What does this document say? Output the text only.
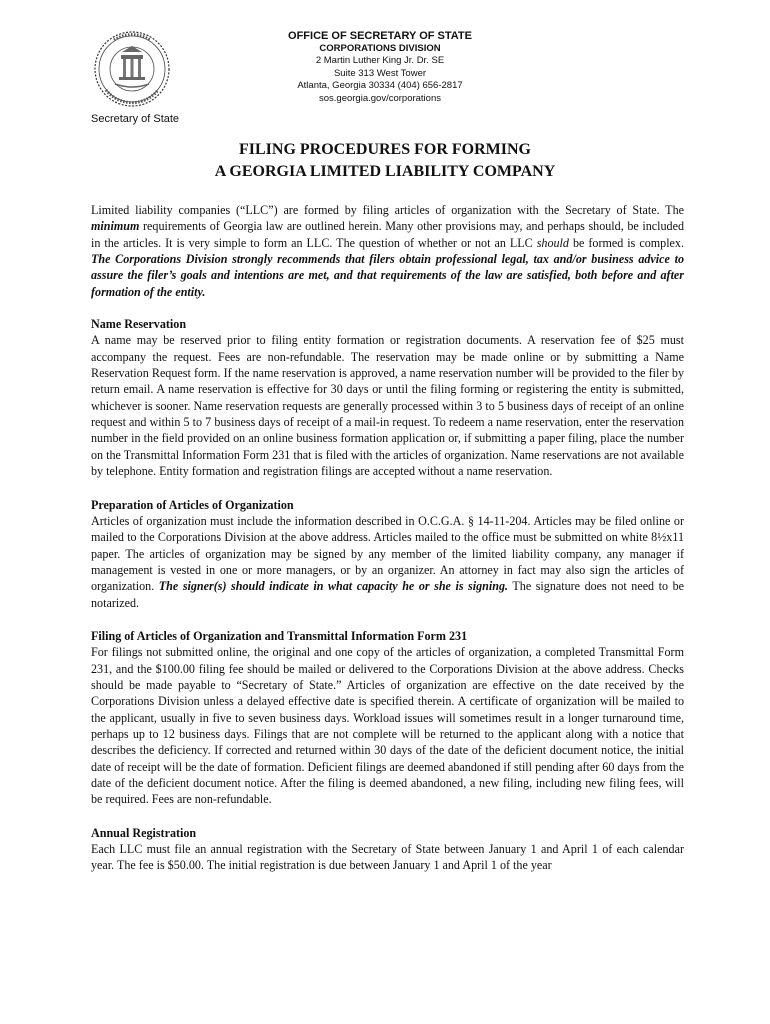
Secretary of State
OFFICE OF SECRETARY OF STATE
CORPORATIONS DIVISION
2 Martin Luther King Jr. Dr. SE
Suite 313 West Tower
Atlanta, Georgia 30334 (404) 656-2817
sos.georgia.gov/corporations
FILING PROCEDURES FOR FORMING
A GEORGIA LIMITED LIABILITY COMPANY

Limited liability companies (“LLC”) are formed by filing articles of organization with the Secretary of State. The minimum requirements of Georgia law are outlined herein. Many other provisions may, and perhaps should, be included in the articles. It is very simple to form an LLC. The question of whether or not an LLC should be formed is complex. The Corporations Division strongly recommends that filers obtain professional legal, tax and/or business advice to assure the filer’s goals and intentions are met, and that requirements of the law are satisfied, both before and after formation of the entity.

Name Reservation

A name may be reserved prior to filing entity formation or registration documents. A reservation fee of $25 must accompany the request. Fees are non-refundable. The reservation may be made online or by submitting a Name Reservation Request form. If the name reservation is approved, a name reservation number will be provided to the filer by return email. A name reservation is effective for 30 days or until the filing forming or registering the entity is submitted, whichever is sooner. Name reservation requests are generally processed within 3 to 5 business days of receipt of an online request and within 5 to 7 business days of receipt of a mail-in request. To redeem a name reservation, enter the reservation number in the field provided on an online business formation application or, if submitting a paper filing, place the number on the Transmittal Information Form 231 that is filed with the articles of organization. Name reservations are not available by telephone. Entity formation and registration filings are accepted without a name reservation.

Preparation of Articles of Organization

Articles of organization must include the information described in O.C.G.A. § 14-11-204. Articles may be filed online or mailed to the Corporations Division at the above address. Articles mailed to the office must be submitted on white 8½x11 paper. The articles of organization may be signed by any member of the limited liability company, any manager if management is vested in one or more managers, or by an organizer. An attorney in fact may also sign the articles of organization. The signer(s) should indicate in what capacity he or she is signing. The signature does not need to be notarized.

Filing of Articles of Organization and Transmittal Information Form 231

For filings not submitted online, the original and one copy of the articles of organization, a completed Transmittal Form 231, and the $100.00 filing fee should be mailed or delivered to the Corporations Division at the above address. Checks should be made payable to “Secretary of State.” Articles of organization are effective on the date received by the Corporations Division unless a delayed effective date is specified therein. A certificate of organization will be mailed to the applicant, usually in five to seven business days. Workload issues will sometimes result in a longer turnaround time, perhaps up to 12 business days. Filings that are not complete will be returned to the applicant along with a notice that describes the deficiency. If corrected and returned within 30 days of the date of the deficient document notice, the initial date of receipt will be the date of formation. Deficient filings are deemed abandoned if still pending after 60 days from the date of the deficient document notice. After the filing is deemed abandoned, a new filing, including new filing fees, will be required. Fees are non-refundable.

Annual Registration

Each LLC must file an annual registration with the Secretary of State between January 1 and April 1 of each calendar year. The fee is $50.00. The initial registration is due between January 1 and April 1 of the year
